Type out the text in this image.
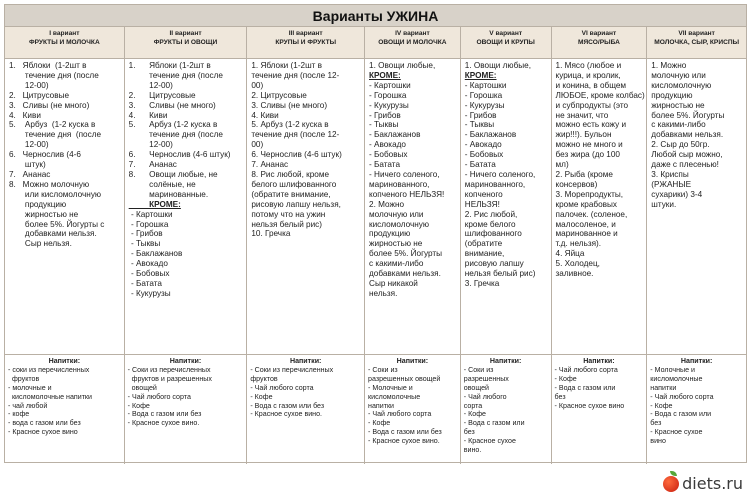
Варианты УЖИНА
I вариант
ФРУКТЫ И МОЛОЧКА
II вариант
ФРУКТЫ И ОВОЩИ
III вариант
КРУПЫ И ФРУКТЫ
IV вариант
ОВОЩИ И МОЛОЧКА
V вариант
ОВОЩИ И КРУПЫ
VI вариант
МЯСО/РЫБА
VII вариант
МОЛОЧКА, СЫР, КРИСПЫ
1.   Яблоки  (1-2шт в
течение дня (после
12-00)
2.   Цитрусовые
3.   Сливы (не много)
4.   Киви
5.    Арбуз  (1-2 куска в
течение дня  (после
12-00)
6.   Чернослив (4-6
штук)
7.   Ананас
8.   Можно молочную
или кисломолочную
продукцию
жирностью не
более 5%. Йогурты с
добавками нельзя.
Сыр нельзя.
1.      Яблоки (1-2шт в
течение дня (после
12-00)
2.      Цитрусовые
3.      Сливы (не много)
4.      Киви
5.      Арбуз (1-2 куска в
течение дня (после
12-00)
6.      Чернослив (4-6 штук)
7.      Ананас
8.      Овощи любые, не
солёные, не
маринованные.
КРОМЕ:
- Картошки
- Горошка
- Грибов
- Тыквы
- Баклажанов
- Авокадо
- Бобовых
- Батата
- Кукурузы
1. Яблоки (1-2шт в
течение дня (после 12-
00)
2. Цитрусовые
3. Сливы (не много)
4. Киви
5. Арбуз (1-2 куска в
течение дня (после 12-
00)
6. Чернослив (4-6 штук)
7. Ананас
8. Рис любой, кроме
белого шлифованного
(обратите внимание,
рисовую лапшу нельзя,
потому что на ужин
нельзя белый рис)
10. Гречка
1. Овощи любые,
КРОМЕ:
- Картошки
- Горошка
- Кукурузы
- Грибов
- Тыквы
- Баклажанов
- Авокадо
- Бобовых
- Батата
- Ничего соленого,
маринованного,
копченого НЕЛЬЗЯ!
2. Можно
молочную или
кисломолочную
продукцию
жирностью не
более 5%. Йогурты
с какими-либо
добавками нельзя.
Сыр никакой
нельзя.
1. Овощи любые,
КРОМЕ:
- Картошки
- Горошка
- Кукурузы
- Грибов
- Тыквы
- Баклажанов
- Авокадо
- Бобовых
- Батата
- Ничего соленого,
маринованного,
копченого
НЕЛЬЗЯ!
2. Рис любой,
кроме белого
шлифованного
(обратите
внимание,
рисовую лапшу
нельзя белый рис)
3. Гречка
1. Мясо (любое и
курица, и кролик,
и конина, в общем
ЛЮБОЕ, кроме колбас)
и субпродукты (это
не значит, что
можно есть кожу и
жир!!!). Бульон
можно не много и
без жира (до 100
мл)
2. Рыба (кроме
консервов)
3. Морепродукты,
кроме крабовых
палочек. (соленое,
малосоленое, и
маринованное и
т.д. нельзя).
4. Яйца
5. Холодец,
заливное.
1. Можно
молочную или
кисломолочную
продукцию
жирностью не
более 5%. Йогурты
с какими-либо
добавками нельзя.
2. Сыр до 50гр.
Любой сыр можно,
даже с плесенью!
3. Криспы
(РЖАНЫЕ
сухарики) 3-4
штуки.
Напитки:
- соки из перечисленных
фруктов
- молочные и
кисломолочные напитки
- чай любой
- кофе
- вода с газом или без
- Красное сухое вино
Напитки:
- Соки из перечисленных
фруктов и разрешенных
овощей
- Чай любого сорта
- Кофе
- Вода с газом или без
- Красное сухое вино.
Напитки:
- Соки из перечисленных
фруктов
- Чай любого сорта
- Кофе
- Вода с газом или без
- Красное сухое вино.
Напитки:
- Соки из
разрешенных овощей
- Молочные и
кисломолочные
напитки
- Чай любого сорта
- Кофе
- Вода с газом или без
- Красное сухое вино.
Напитки:
- Соки из
разрешенных
овощей
- Чай любого
сорта
- Кофе
- Вода с газом или
без
- Красное сухое
вино.
Напитки:
- Чай любого сорта
- Кофе
- Вода с газом или
без
- Красное сухое вино
Напитки:
- Молочные и
кисломолочные
напитки
- Чай любого сорта
- Кофе
- Вода с газом или
без
- Красное сухое
вино
diets.ru
